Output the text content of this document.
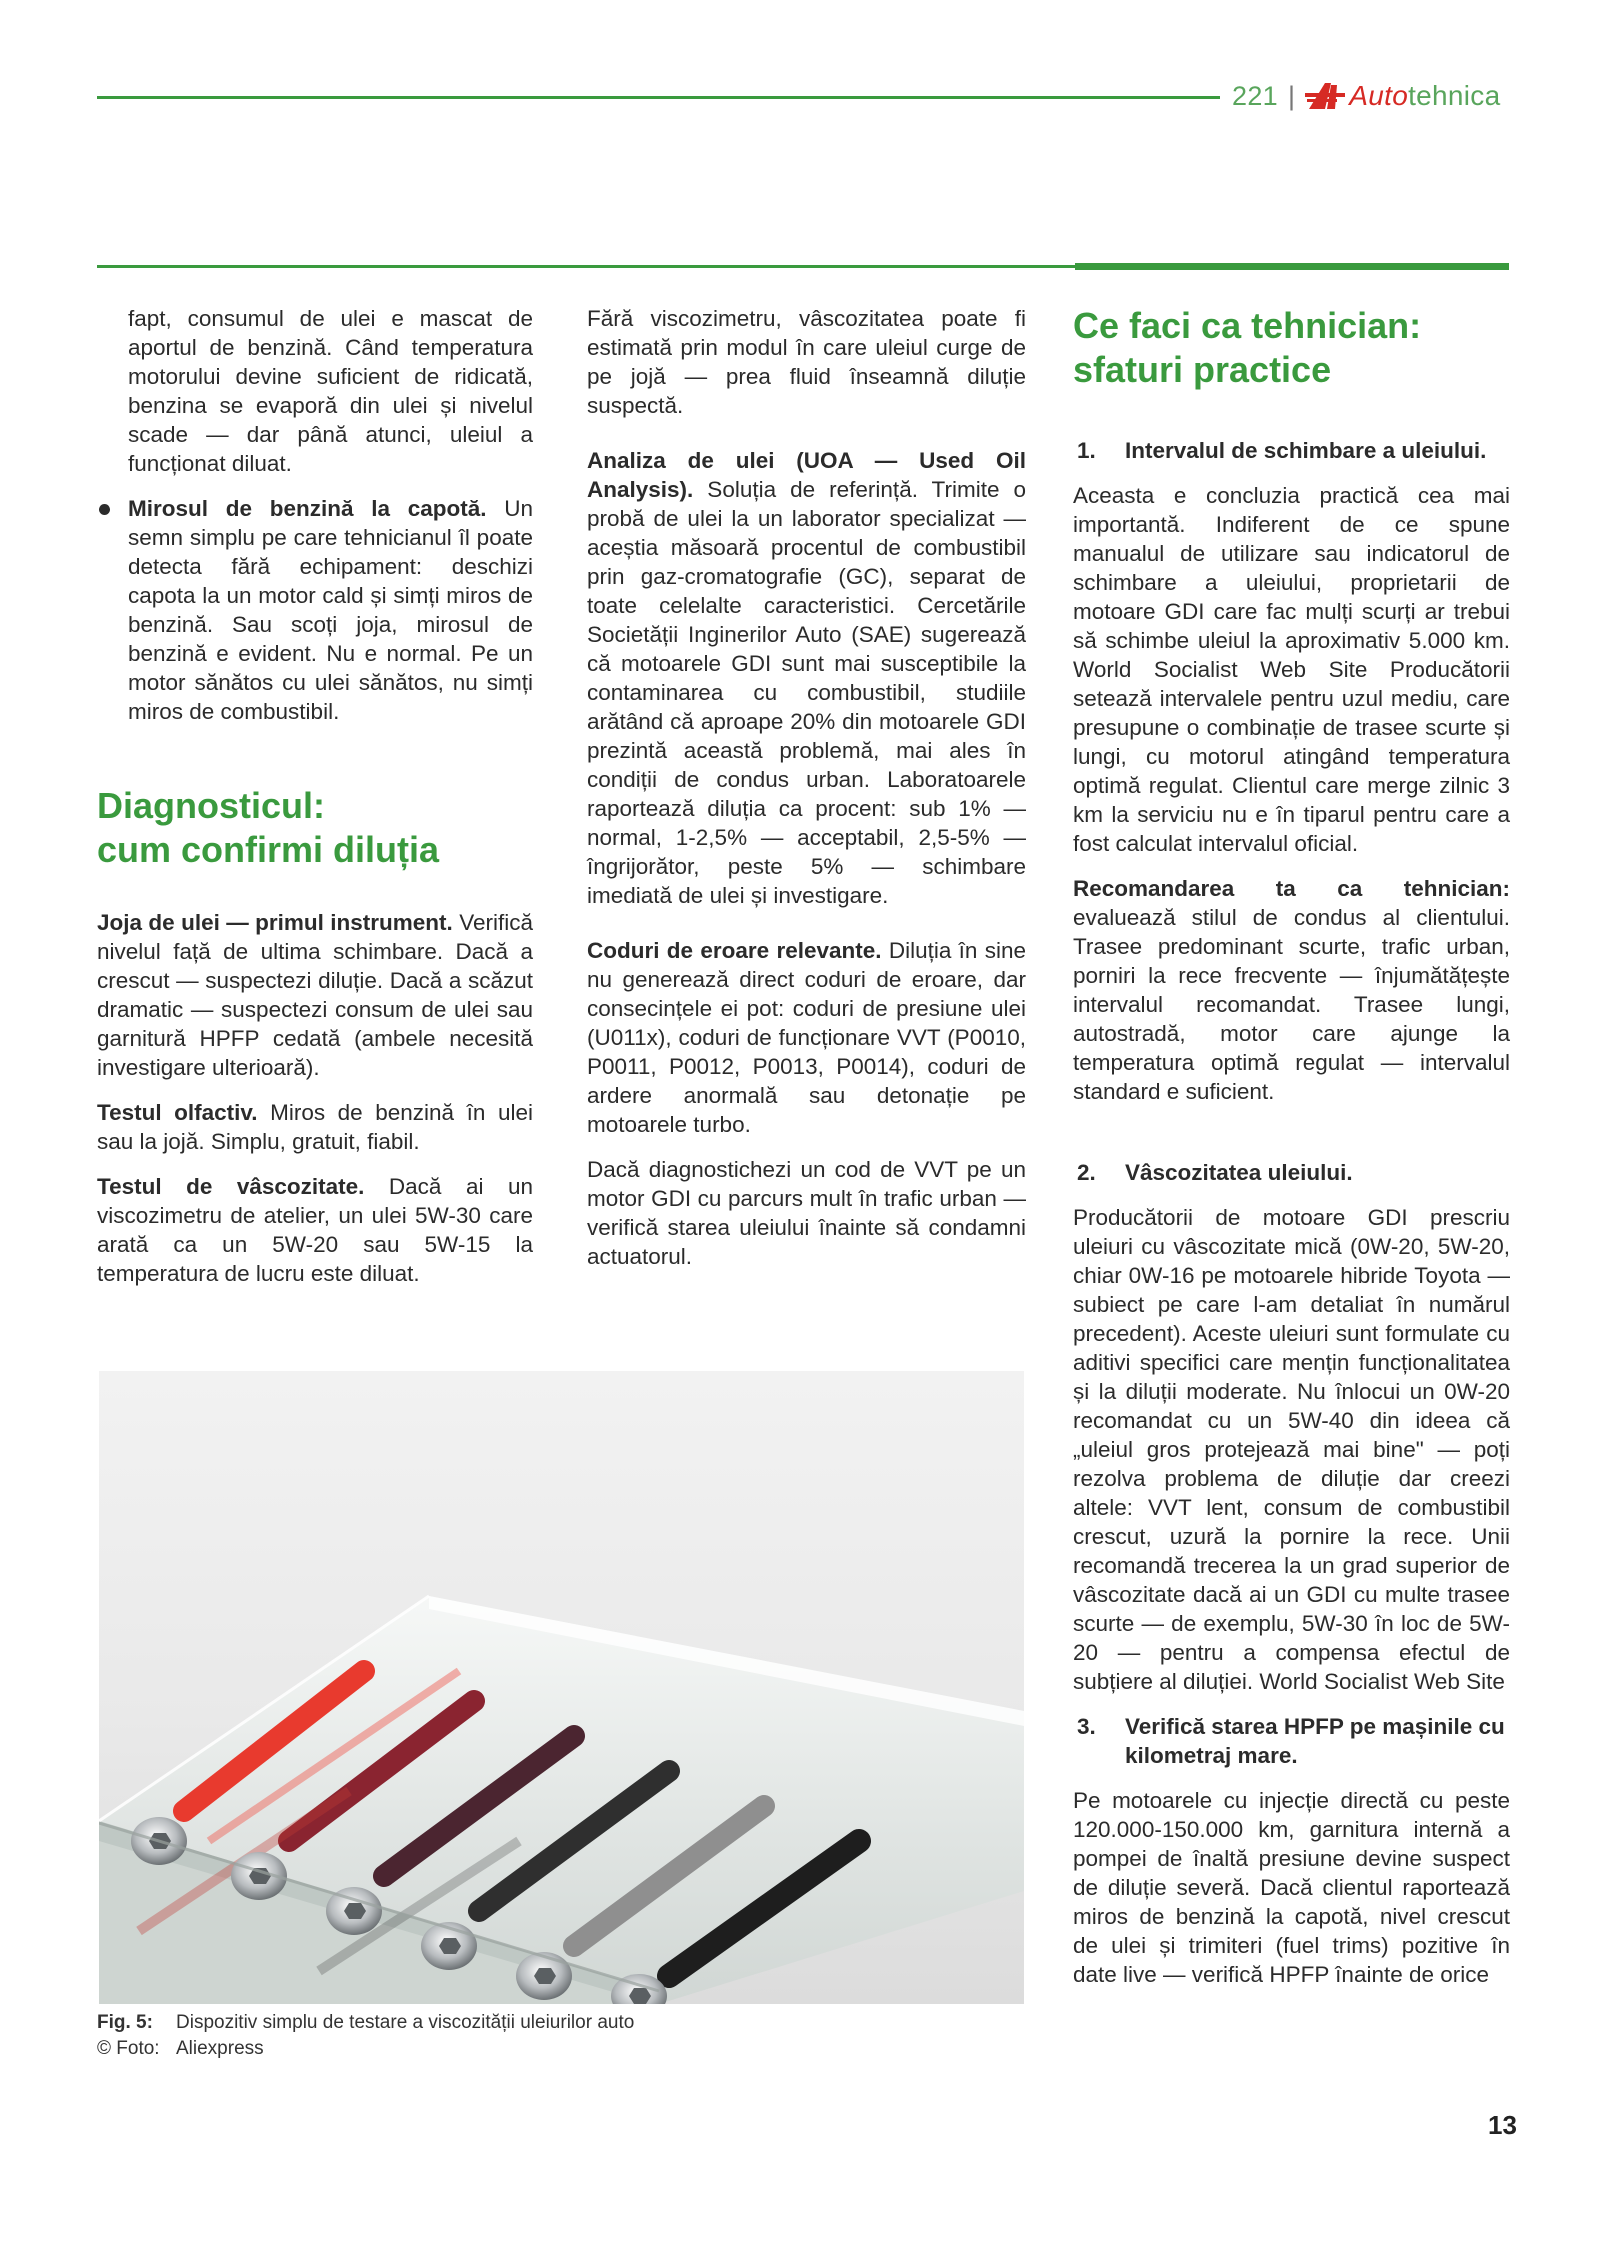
221 | Auto tehnica

fapt, consumul de ulei e mascat de aportul de benzină. Când temperatura motorului devine suficient de ridicată, benzina se evaporă din ulei și nivelul scade — dar până atunci, uleiul a funcționat diluat.

Mirosul de benzină la capotă. Un semn simplu pe care tehnicianul îl poate detecta fără echipament: deschizi capota la un motor cald și simți miros de benzină. Sau scoți joja, mirosul de benzină e evident. Nu e normal. Pe un motor sănătos cu ulei sănătos, nu simți miros de combustibil.

Diagnosticul:
cum confirmi diluția

Joja de ulei — primul instrument. Verifică nivelul față de ultima schimbare. Dacă a crescut — suspectezi diluție. Dacă a scăzut dramatic — suspectezi consum de ulei sau garnitură HPFP cedată (ambele necesită investigare ulterioară).

Testul olfactiv. Miros de benzină în ulei sau la jojă. Simplu, gratuit, fiabil.

Testul de vâscozitate. Dacă ai un viscozimetru de atelier, un ulei 5W-30 care arată ca un 5W-20 sau 5W-15 la temperatura de lucru este diluat.

Fără viscozimetru, vâscozitatea poate fi estimată prin modul în care uleiul curge de pe jojă — prea fluid înseamnă diluție suspectă.

Analiza de ulei (UOA — Used Oil Analysis). Soluția de referință. Trimite o probă de ulei la un laborator specializat — aceștia măsoară procentul de combustibil prin gaz-cromatografie (GC), separat de toate celelalte caracteristici. Cercetările Societății Inginerilor Auto (SAE) sugerează că motoarele GDI sunt mai susceptibile la contaminarea cu combustibil, studiile arătând că aproape 20% din motoarele GDI prezintă această problemă, mai ales în condiții de condus urban. Laboratoarele raportează diluția ca procent: sub 1% — normal, 1-2,5% — acceptabil, 2,5-5% — îngrijorător, peste 5% — schimbare imediată de ulei și investigare.

Coduri de eroare relevante. Diluția în sine nu generează direct coduri de eroare, dar consecințele ei pot: coduri de presiune ulei (U011x), coduri de funcționare VVT (P0010, P0011, P0012, P0013, P0014), coduri de ardere anormală sau detonație pe motoarele turbo.

Dacă diagnostichezi un cod de VVT pe un motor GDI cu parcurs mult în trafic urban — verifică starea uleiului înainte să condamni actuatorul.

Ce faci ca tehnician:
sfaturi practice
1.	Intervalul de schimbare a uleiului.

Aceasta e concluzia practică cea mai importantă. Indiferent de ce spune manualul de utilizare sau indicatorul de schimbare a uleiului, proprietarii de motoare GDI care fac mulți scurți ar trebui să schimbe uleiul la aproximativ 5.000 km. World Socialist Web Site Producătorii setează intervalele pentru uzul mediu, care presupune o combinație de trasee scurte și lungi, cu motorul atingând temperatura optimă regulat. Clientul care merge zilnic 3 km la serviciu nu e în tiparul pentru care a fost calculat intervalul oficial.

Recomandarea ta ca tehnician: evaluează stilul de condus al clientului. Trasee predominant scurte, trafic urban, porniri la rece frecvente — înjumătățește intervalul recomandat. Trasee lungi, autostradă, motor care ajunge la temperatura optimă regulat — intervalul standard e suficient.

2.	Vâscozitatea uleiului.

Producătorii de motoare GDI prescriu uleiuri cu vâscozitate mică (0W-20, 5W-20, chiar 0W-16 pe motoarele hibride Toyota — subiect pe care l-am detaliat în numărul precedent). Aceste uleiuri sunt formulate cu aditivi specifici care mențin funcționalitatea și la diluții moderate. Nu înlocui un 0W-20 recomandat cu un 5W-40 din ideea că „uleiul gros protejează mai bine" — poți rezolva problema de diluție dar creezi altele: VVT lent, consum de combustibil crescut, uzură la pornire la rece. Unii recomandă trecerea la un grad superior de vâscozitate dacă ai un GDI cu multe trasee scurte — de exemplu, 5W-30 în loc de 5W-20 — pentru a compensa efectul de subțiere al diluției. World Socialist Web Site

3.	Verifică starea HPFP pe mașinile cu kilometraj mare.

Pe motoarele cu injecție directă cu peste 120.000-150.000 km, garnitura internă a pompei de înaltă presiune devine suspect de diluție severă. Dacă clientul raportează miros de benzină la capotă, nivel crescut de ulei și trimiteri (fuel trims) pozitive în date live — verifică HPFP înainte de orice

Fig. 5:	Dispozitiv simplu de testare a viscozității uleiurilor auto
© Foto: Aliexpress
13
